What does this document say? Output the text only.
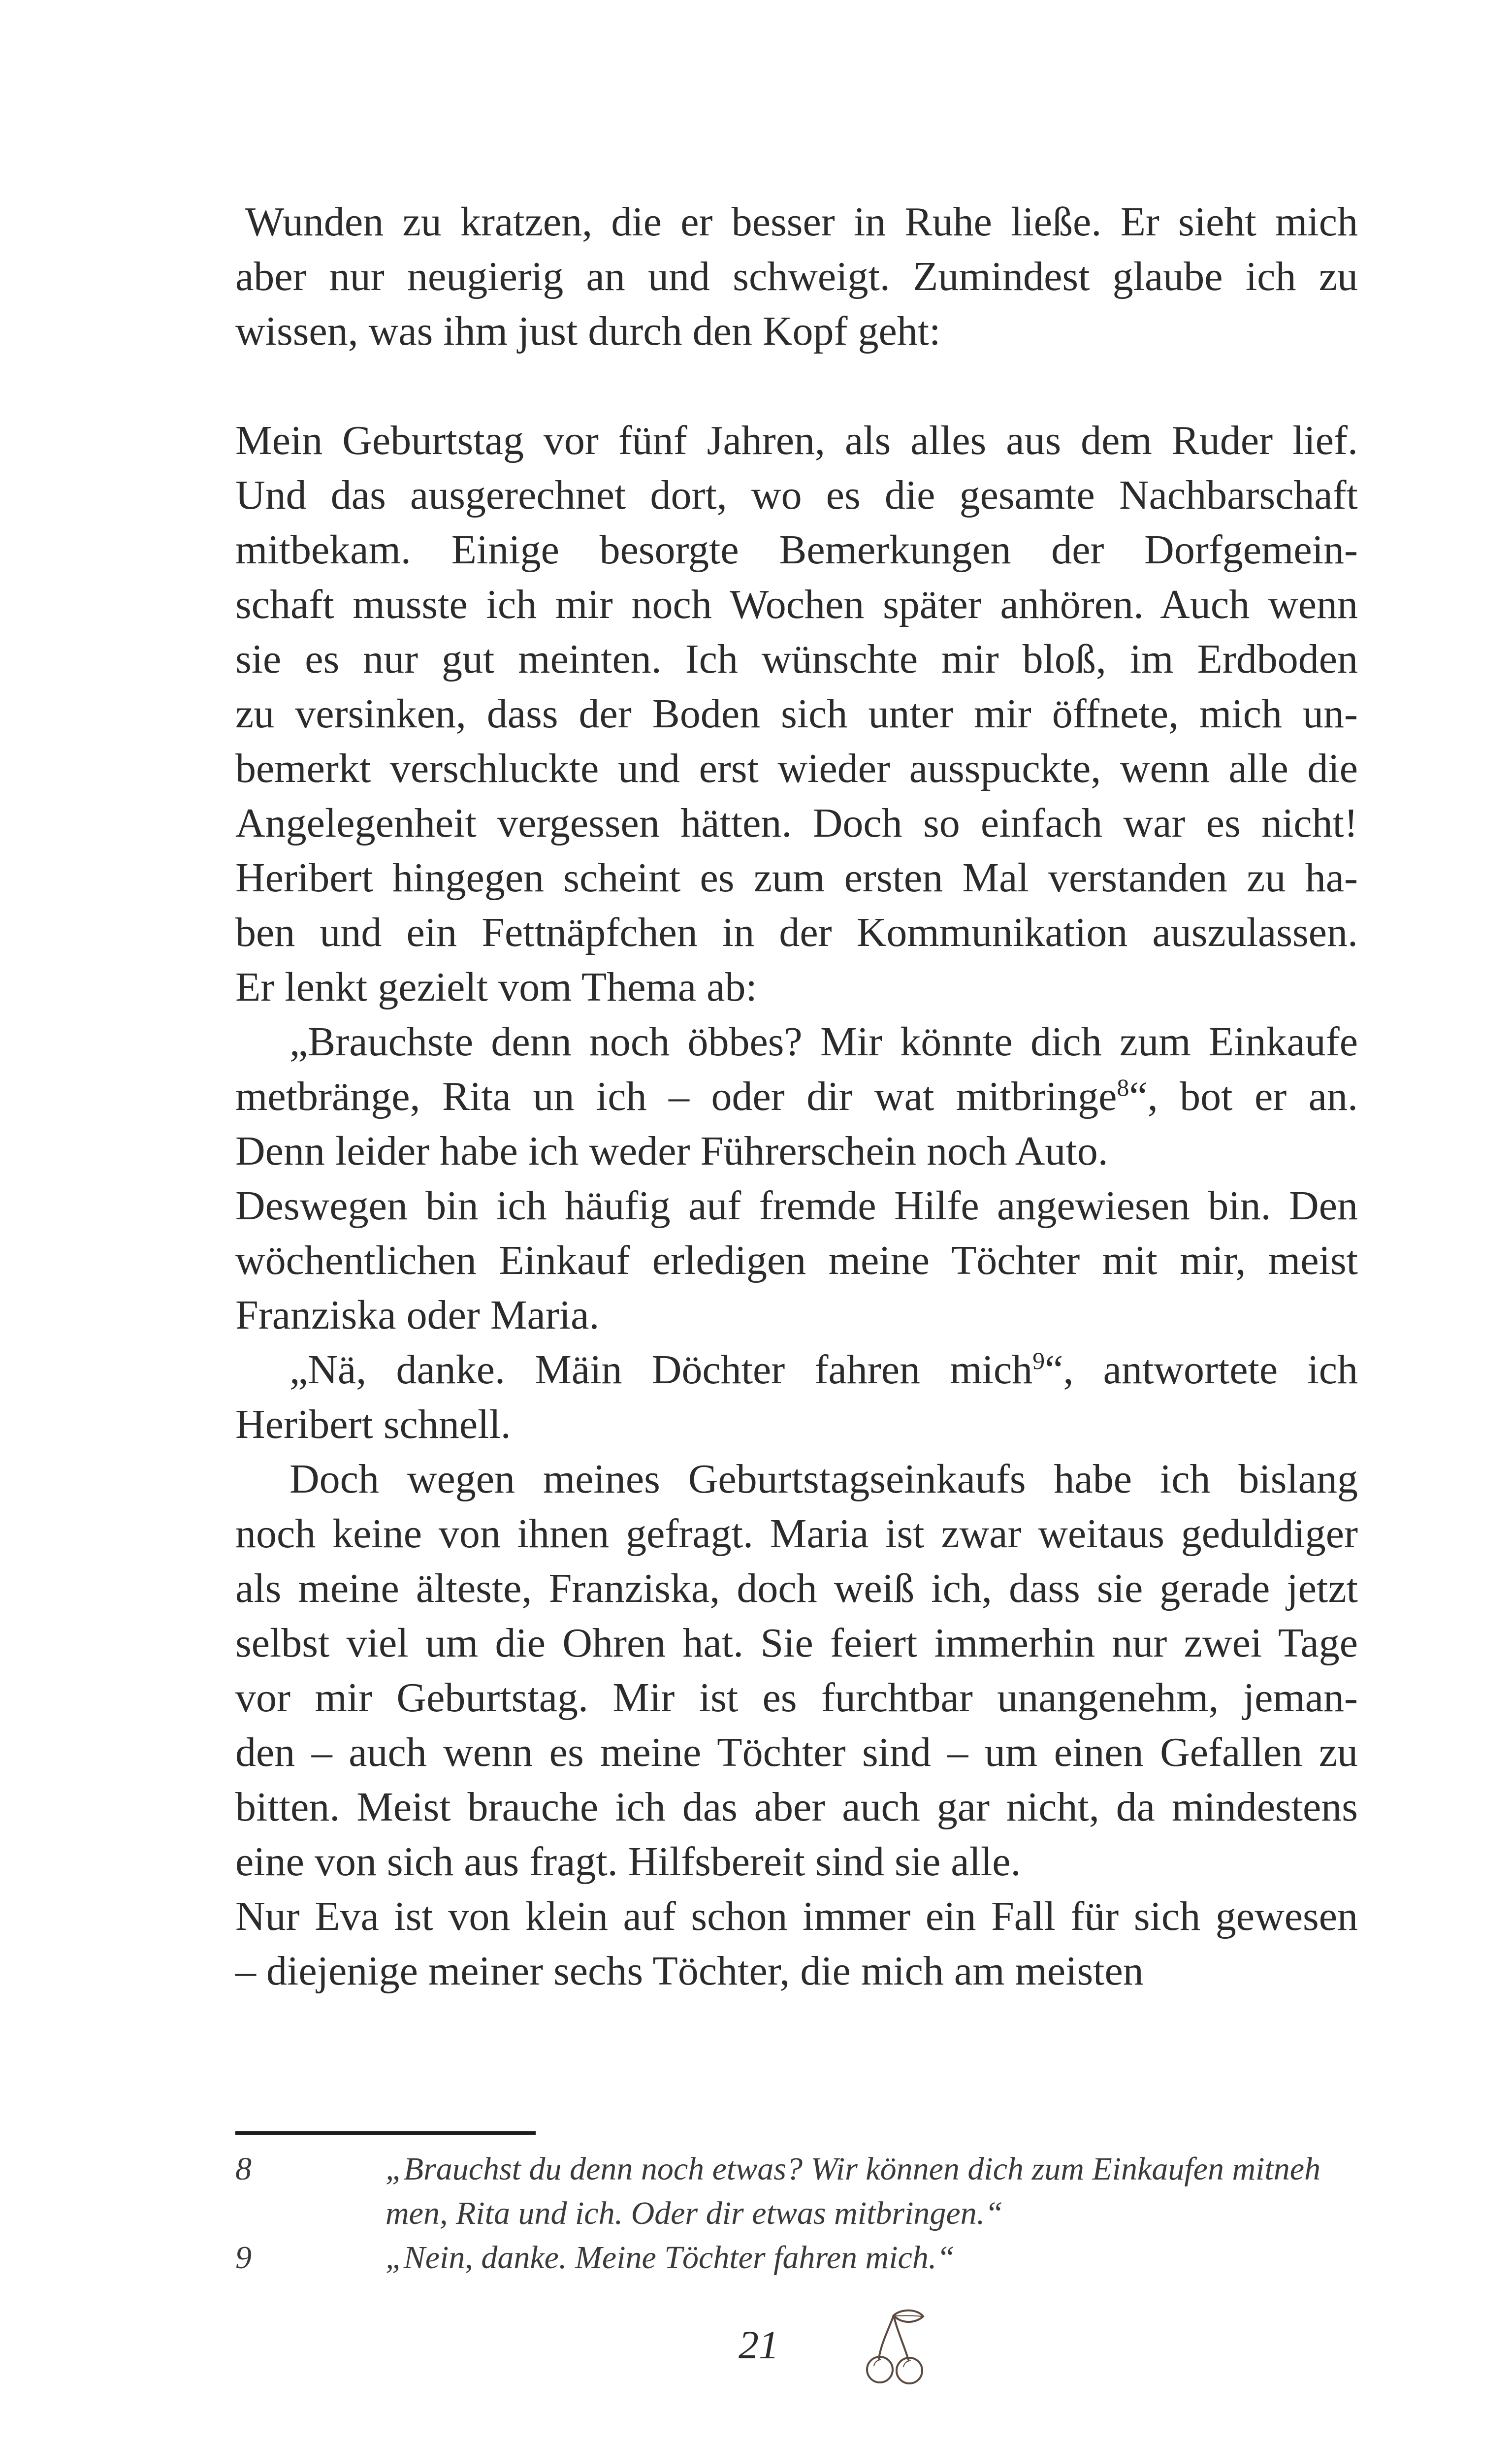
Wunden zu kratzen, die er besser in Ruhe ließe. Er sieht mich
aber nur neugierig an und schweigt. Zumindest glaube ich zu
wissen, was ihm just durch den Kopf geht:
Mein Geburtstag vor fünf Jahren, als alles aus dem Ruder lief.
Und das ausgerechnet dort, wo es die gesamte Nachbarschaft
mitbekam. Einige besorgte Bemerkungen der Dorfgemein-
schaft musste ich mir noch Wochen später anhören. Auch wenn
sie es nur gut meinten. Ich wünschte mir bloß, im Erdboden
zu versinken, dass der Boden sich unter mir öffnete, mich un-
bemerkt verschluckte und erst wieder ausspuckte, wenn alle die
Angelegenheit vergessen hätten. Doch so einfach war es nicht!
Heribert hingegen scheint es zum ersten Mal verstanden zu ha-
ben und ein Fettnäpfchen in der Kommunikation auszulassen.
Er lenkt gezielt vom Thema ab:
„Brauchste denn noch öbbes? Mir könnte dich zum Einkaufe
metbränge, Rita un ich – oder dir wat mitbringe$^8$“, bot er an.
Denn leider habe ich weder Führerschein noch Auto.
Deswegen bin ich häufig auf fremde Hilfe angewiesen bin. Den
wöchentlichen Einkauf erledigen meine Töchter mit mir, meist
Franziska oder Maria.
„Nä, danke. Mäin Döchter fahren mich$^9$“, antwortete ich
Heribert schnell.
Doch wegen meines Geburtstagseinkaufs habe ich bislang
noch keine von ihnen gefragt. Maria ist zwar weitaus geduldiger
als meine älteste, Franziska, doch weiß ich, dass sie gerade jetzt
selbst viel um die Ohren hat. Sie feiert immerhin nur zwei Tage
vor mir Geburtstag. Mir ist es furchtbar unangenehm, jeman-
den – auch wenn es meine Töchter sind – um einen Gefallen zu
bitten. Meist brauche ich das aber auch gar nicht, da mindestens
eine von sich aus fragt. Hilfsbereit sind sie alle.
Nur Eva ist von klein auf schon immer ein Fall für sich gewesen
– diejenige meiner sechs Töchter, die mich am meisten
8	„Brauchst du denn noch etwas? Wir können dich zum Einkaufen mitneh
men, Rita und ich. Oder dir etwas mitbringen.“
9	„Nein, danke. Meine Töchter fahren mich.“
21
